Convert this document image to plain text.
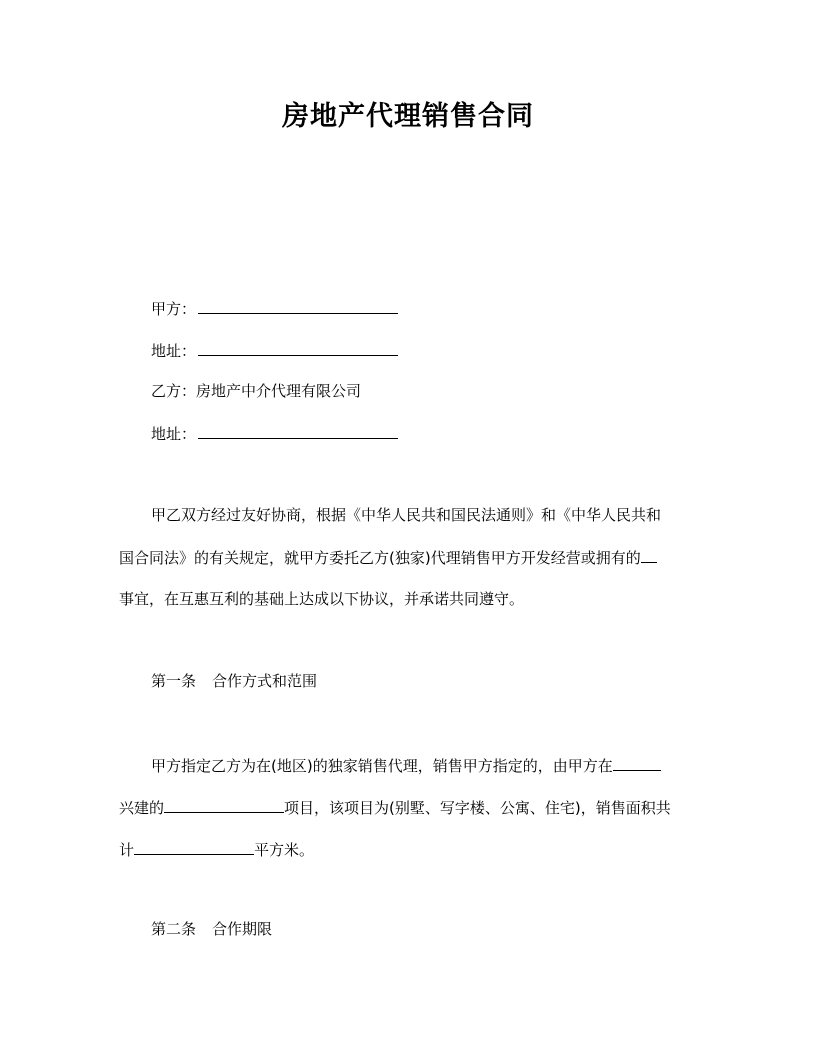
房地产代理销售合同
甲方：
地址：
乙方：房地产中介代理有限公司
地址：
甲乙双方经过友好协商，根据《中华人民共和国民法通则》和《中华人民共和
国合同法》的有关规定，就甲方委托乙方(独家)代理销售甲方开发经营或拥有的
事宜，在互惠互利的基础上达成以下协议，并承诺共同遵守。
第一条 合作方式和范围
甲方指定乙方为在(地区)的独家销售代理，销售甲方指定的，由甲方在
兴建的	项目，该项目为(别墅、写字楼、公寓、住宅)，销售面积共
计	平方米。
第二条 合作期限
